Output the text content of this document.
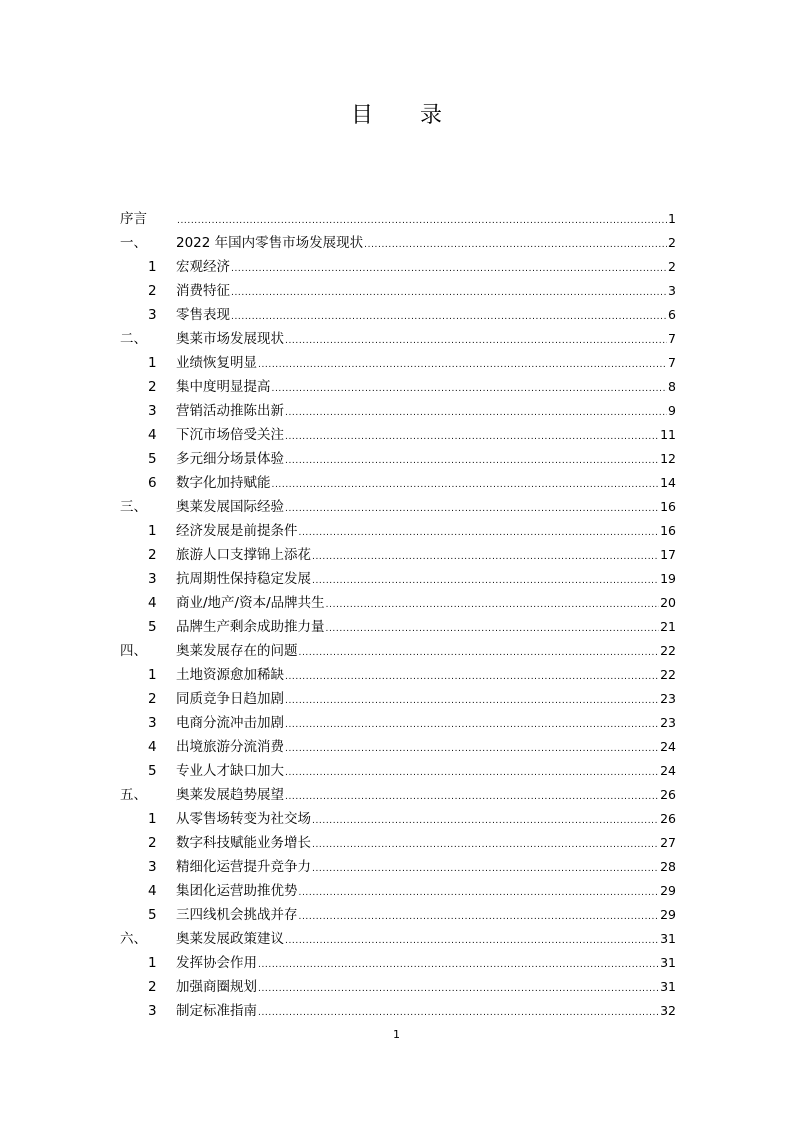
目 录
序言 .....	1
一、	2022 年国内零售市场发展现状 .....	2
1	宏观经济 .....	2
2	消费特征 .....	3
3	零售表现 .....	6
二、	奥莱市场发展现状 .....	7
1	业绩恢复明显 .....	7
2	集中度明显提高 .....	8
3	营销活动推陈出新 .....	9
4	下沉市场倍受关注 .....	11
5	多元细分场景体验 .....	12
6	数字化加持赋能 .....	14
三、	奥莱发展国际经验 .....	16
1	经济发展是前提条件 .....	16
2	旅游人口支撑锦上添花 .....	17
3	抗周期性保持稳定发展 .....	19
4	商业/地产/资本/品牌共生 .....	20
5	品牌生产剩余成助推力量 .....	21
四、	奥莱发展存在的问题 .....	22
1	土地资源愈加稀缺 .....	22
2	同质竞争日趋加剧 .....	23
3	电商分流冲击加剧 .....	23
4	出境旅游分流消费 .....	24
5	专业人才缺口加大 .....	24
五、	奥莱发展趋势展望 .....	26
1	从零售场转变为社交场 .....	26
2	数字科技赋能业务增长 .....	27
3	精细化运营提升竞争力 .....	28
4	集团化运营助推优势 .....	29
5	三四线机会挑战并存 .....	29
六、	奥莱发展政策建议 .....	31
1	发挥协会作用 .....	31
2	加强商圈规划 .....	31
3	制定标准指南 .....	32
1
